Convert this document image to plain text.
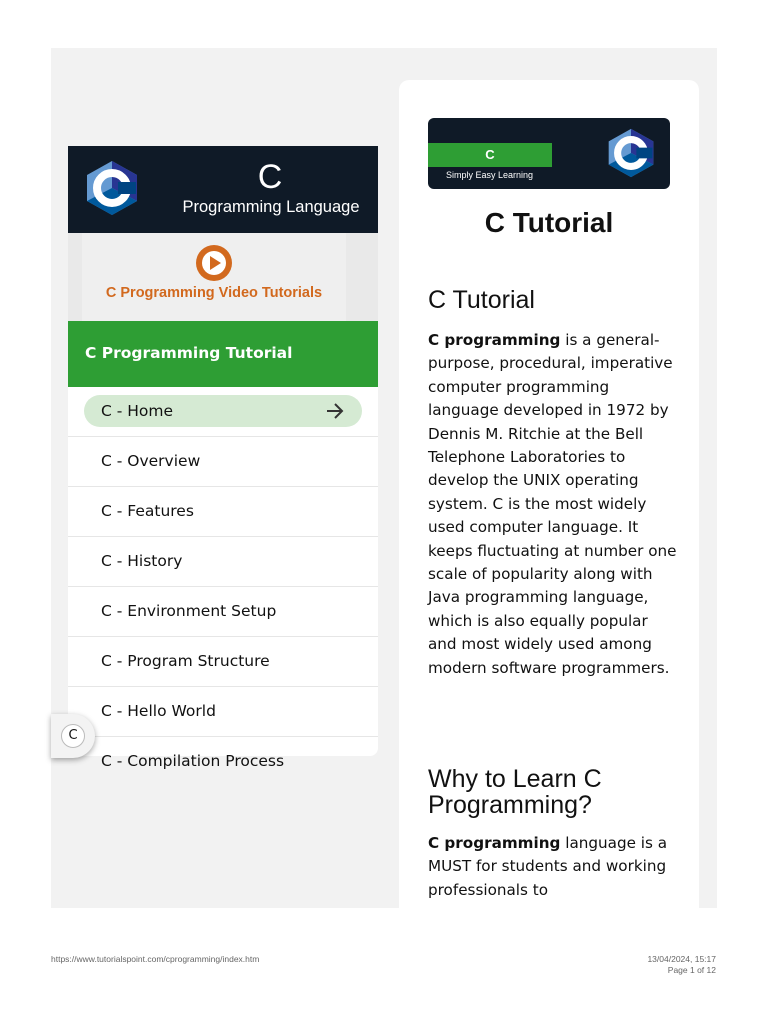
C
Programming Language
C Programming Video Tutorials
C Programming Tutorial
C - Home
C - Overview
C - Features
C - History
C - Environment Setup
C - Program Structure
C - Hello World
C - Compilation Process
C
C
Simply Easy Learning
C Tutorial
C Tutorial
C programming is a general-purpose, procedural, imperative computer programming language developed in 1972 by Dennis M. Ritchie at the Bell Telephone Laboratories to develop the UNIX operating system. C is the most widely used computer language. It keeps fluctuating at number one scale of popularity along with Java programming language, which is also equally popular and most widely used among modern software programmers.
Why to Learn C
Programming?
C programming language is a MUST for students and working professionals to
https://www.tutorialspoint.com/cprogramming/index.htm	13/04/2024, 15:17
Page 1 of 12
